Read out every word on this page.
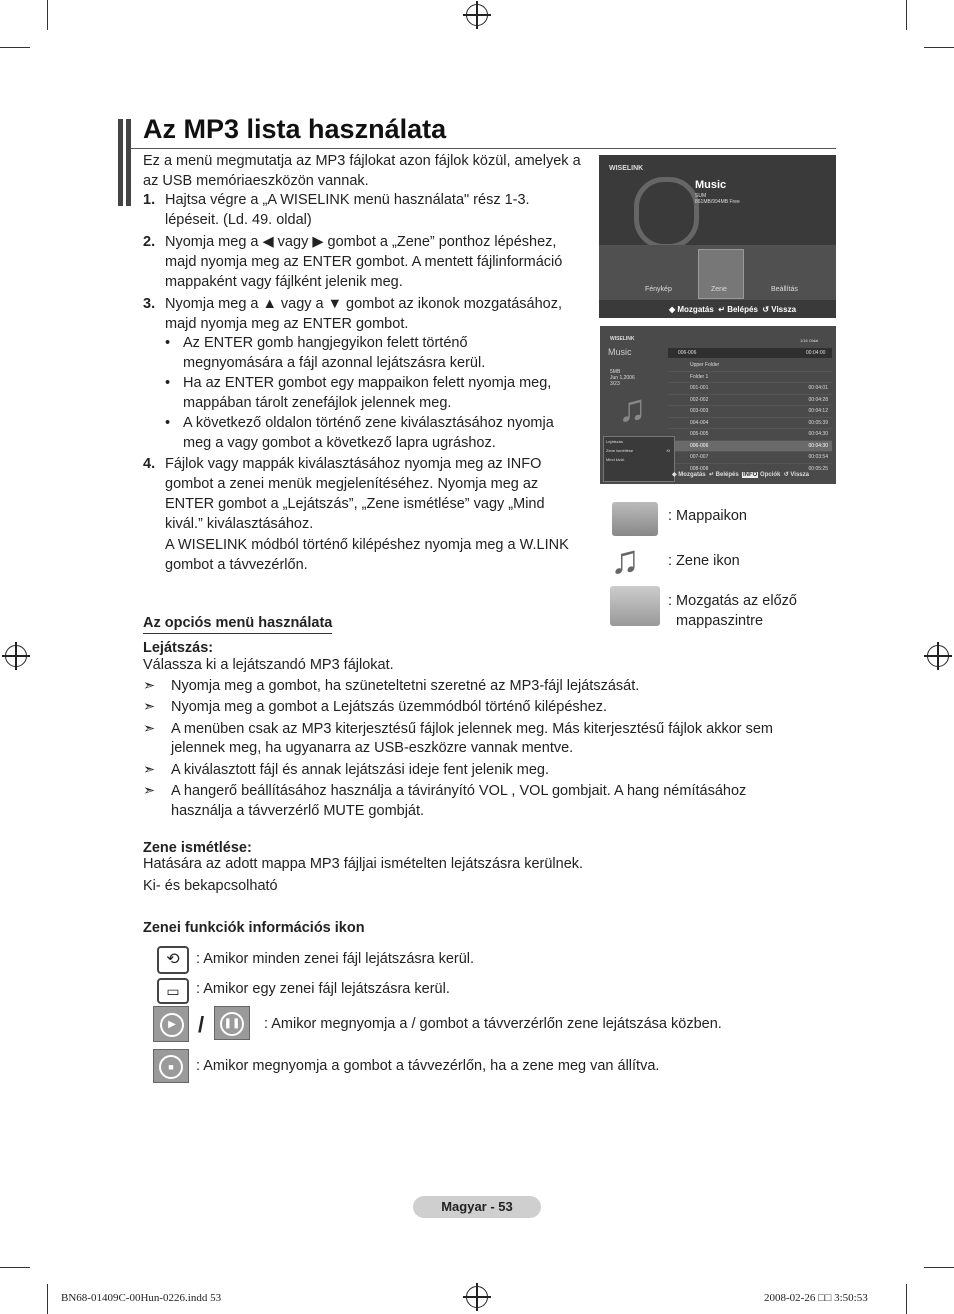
Az MP3 lista használata
Ez a menü megmutatja az MP3 fájlokat azon fájlok közül, amelyek a
az USB memóriaeszközön vannak.
1. Hajtsa végre a „A WISELINK menü használata" rész 1-3.

lépéseit. (Ld. 49. oldal)
2. Nyomja meg a ◀ vagy ▶ gombot a „Zene” ponthoz lépéshez,

majd nyomja meg az ENTER gombot. A mentett fájlinformáció
mappaként vagy fájlként jelenik meg.
3. Nyomja meg a ▲ vagy a ▼ gombot az ikonok mozgatásához,
majd nyomja meg az ENTER gombot.
• Az ENTER gomb hangjegyikon felett történő
megnyomására a fájl azonnal lejátszásra kerül.
• Ha az ENTER gombot egy mappaikon felett nyomja meg,
mappában tárolt zenefájlok jelennek meg.
• A következő oldalon történő zene kiválasztásához nyomja
meg a vagy gombot a következő lapra ugráshoz.
4. Fájlok vagy mappák kiválasztásához nyomja meg az INFO
gombot a zenei menük megjelenítéséhez. Nyomja meg az
ENTER gombot a „Lejátszás”, „Zene ismétlése” vagy „Mind
kivál.” kiválasztásához.
A WISELINK módból történő kilépéshez nyomja meg a W.LINK
gombot a távvezérlőn.
WISELINK
Music
SUM
861MB/994MB Free
Fénykép	Zene	Beállítás
◆ Mozgatás  ↵ Belépés  ↺ Vissza
WISELINK
Music
5MB
Jun 1,2006
3/23
♫
1/16 Oldal
006-006	00:04:00
Upper Folder
Folder 1
001-001	00:04:01
002-002	00:04:28
003-003	00:04:12
004-004	00:05:39
005-005	00:04:30
006-006	00:04:30
007-007	00:03:54
008-008	00:05:25
Lejátszás
Zene ismétlése	Ki
Mind kivál.
◆ Mozgatás  ↵ Belépés INFO Opciók  ↺ Vissza
: Mappaikon
♫ : Zene ikon
: Mozgatás az előző
mappaszintre
Az opciós menü használata
Lejátszás:
Válassza ki a lejátszandó MP3 fájlokat.
➣ Nyomja meg a gombot, ha szüneteltetni szeretné az MP3-fájl lejátszását.
➣ Nyomja meg a gombot a Lejátszás üzemmódból történő kilépéshez.
➣ A menüben csak az MP3 kiterjesztésű fájlok jelennek meg. Más kiterjesztésű fájlok akkor sem
jelennek meg, ha ugyanarra az USB-eszközre vannak mentve.
➣ A kiválasztott fájl és annak lejátszási ideje fent jelenik meg.
➣ A hangerő beállításához használja a távirányító VOL , VOL gombjait. A hang némításához
használja a távverzérlő MUTE gombját.
Zene ismétlése:
Hatására az adott mappa MP3 fájljai ismételten lejátszásra kerülnek.
Ki- és bekapcsolható
Zenei funkciók információs ikon
⟲	: Amikor minden zenei fájl lejátszásra kerül.
▭	: Amikor egy zenei fájl lejátszásra kerül.
▶	/	❚❚ : Amikor megnyomja a / gombot a távverzérlőn zene lejátszása közben.
■	: Amikor megnyomja a gombot a távvezérlőn, ha a zene meg van állítva.
Magyar - 53
BN68-01409C-00Hun-0226.indd 53	2008-02-26 □□ 3:50:53
